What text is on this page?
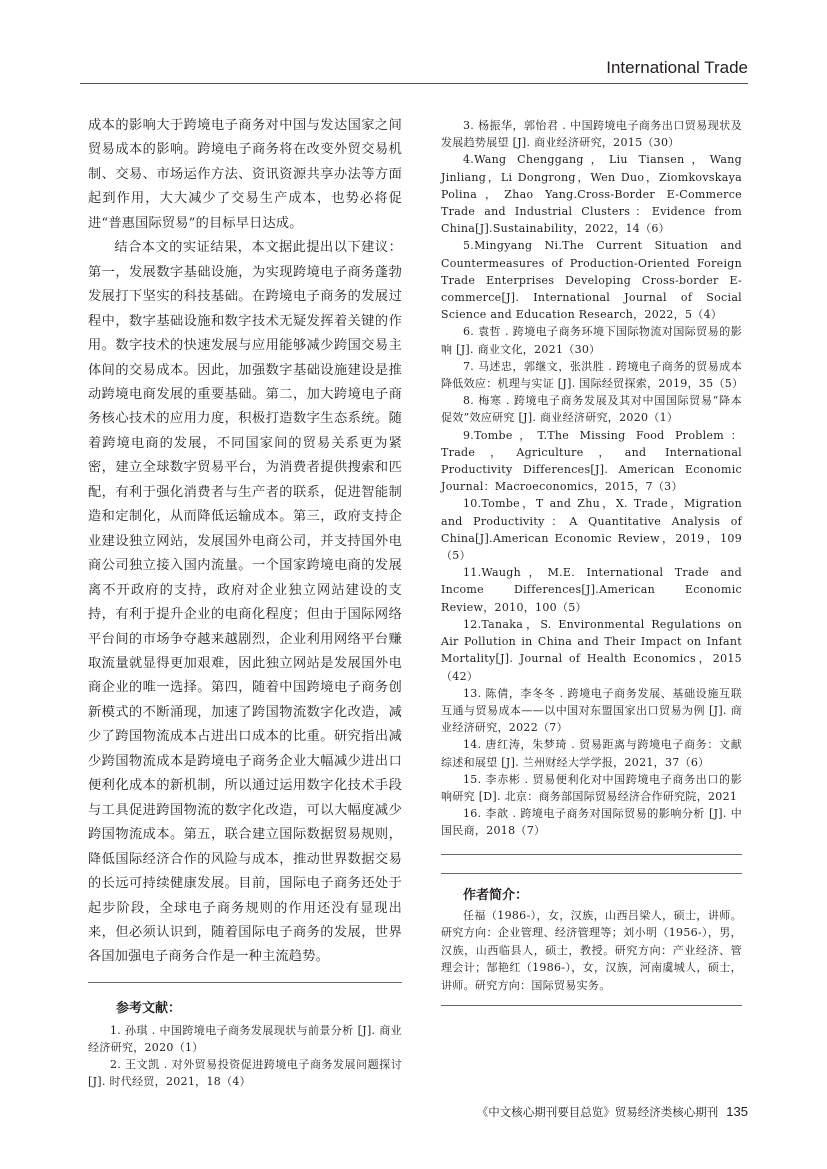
International Trade

成本的影响大于跨境电子商务对中国与发达国家之间贸易成本的影响。跨境电子商务将在改变外贸交易机制、交易、市场运作方法、资讯资源共享办法等方面起到作用，大大减少了交易生产成本，也势必将促进“普惠国际贸易”的目标早日达成。

结合本文的实证结果，本文据此提出以下建议：第一，发展数字基础设施，为实现跨境电子商务蓬勃发展打下坚实的科技基础。在跨境电子商务的发展过程中，数字基础设施和数字技术无疑发挥着关键的作用。数字技术的快速发展与应用能够减少跨国交易主体间的交易成本。因此，加强数字基础设施建设是推动跨境电商发展的重要基础。第二，加大跨境电子商务核心技术的应用力度，积极打造数字生态系统。随着跨境电商的发展，不同国家间的贸易关系更为紧密，建立全球数字贸易平台，为消费者提供搜索和匹配，有利于强化消费者与生产者的联系，促进智能制造和定制化，从而降低运输成本。第三，政府支持企业建设独立网站，发展国外电商公司，并支持国外电商公司独立接入国内流量。一个国家跨境电商的发展离不开政府的支持，政府对企业独立网站建设的支持，有利于提升企业的电商化程度；但由于国际网络平台间的市场争夺越来越剧烈，企业利用网络平台赚取流量就显得更加艰难，因此独立网站是发展国外电商企业的唯一选择。第四，随着中国跨境电子商务创新模式的不断涌现，加速了跨国物流数字化改造，减少了跨国物流成本占进出口成本的比重。研究指出减少跨国物流成本是跨境电子商务企业大幅减少进出口便利化成本的新机制，所以通过运用数字化技术手段与工具促进跨国物流的数字化改造，可以大幅度减少跨国物流成本。第五，联合建立国际数据贸易规则，降低国际经济合作的风险与成本，推动世界数据交易的长远可持续健康发展。目前，国际电子商务还处于起步阶段，全球电子商务规则的作用还没有显现出来，但必须认识到，随着国际电子商务的发展，世界各国加强电子商务合作是一种主流趋势。

参考文献：

1. 孙琪 . 中国跨境电子商务发展现状与前景分析 [J]. 商业经济研究，2020（1）

2. 王文凯 . 对外贸易投资促进跨境电子商务发展问题探讨 [J]. 时代经贸，2021，18（4）

3. 杨振华，郭怡君 . 中国跨境电子商务出口贸易现状及发展趋势展望 [J]. 商业经济研究，2015（30）

4.Wang Chenggang，Liu Tiansen，Wang Jinliang，Li Dongrong，Wen Duo，Ziomkovskaya Polina，Zhao Yang.Cross-Border E-Commerce Trade and Industrial Clusters：Evidence from China[J].Sustainability，2022，14（6）

5.Mingyang Ni.The Current Situation and Countermeasures of Production-Oriented Foreign Trade Enterprises Developing Cross-border E-commerce[J]. International Journal of Social Science and Education Research，2022，5（4）

6. 袁哲 . 跨境电子商务环境下国际物流对国际贸易的影响 [J]. 商业文化，2021（30）

7. 马述忠，郭继文，张洪胜 . 跨境电子商务的贸易成本降低效应：机理与实证 [J]. 国际经贸探索，2019，35（5）

8. 梅寒 . 跨境电子商务发展及其对中国国际贸易“降本促效”效应研究 [J]. 商业经济研究，2020（1）

9.Tombe，T.The Missing Food Problem：Trade，Agriculture，and International Productivity Differences[J]. American Economic Journal：Macroeconomics，2015，7（3）

10.Tombe，T and Zhu，X. Trade，Migration and Productivity：A Quantitative Analysis of China[J].American Economic Review，2019，109（5）

11.Waugh，M.E. International Trade and Income Differences[J].American Economic Review，2010，100（5）

12.Tanaka，S. Environmental Regulations on Air Pollution in China and Their Impact on Infant Mortality[J]. Journal of Health Economics，2015（42）

13. 陈倩，李冬冬 . 跨境电子商务发展、基础设施互联互通与贸易成本——以中国对东盟国家出口贸易为例 [J]. 商业经济研究，2022（7）

14. 唐红涛，朱梦琦 . 贸易距离与跨境电子商务：文献综述和展望 [J]. 兰州财经大学学报，2021，37（6）

15. 李赤彬 . 贸易便利化对中国跨境电子商务出口的影响研究 [D]. 北京：商务部国际贸易经济合作研究院，2021

16. 李歆 . 跨境电子商务对国际贸易的影响分析 [J]. 中国民商，2018（7）

作者简介：

任福（1986-），女，汉族，山西吕梁人，硕士，讲师。研究方向：企业管理、经济管理等；刘小明（1956-），男，汉族，山西临县人，硕士，教授。研究方向：产业经济、管理会计；郜艳红（1986-），女，汉族，河南虞城人，硕士，讲师。研究方向：国际贸易实务。

《中文核心期刊要目总览》贸易经济类核心期刊 135
